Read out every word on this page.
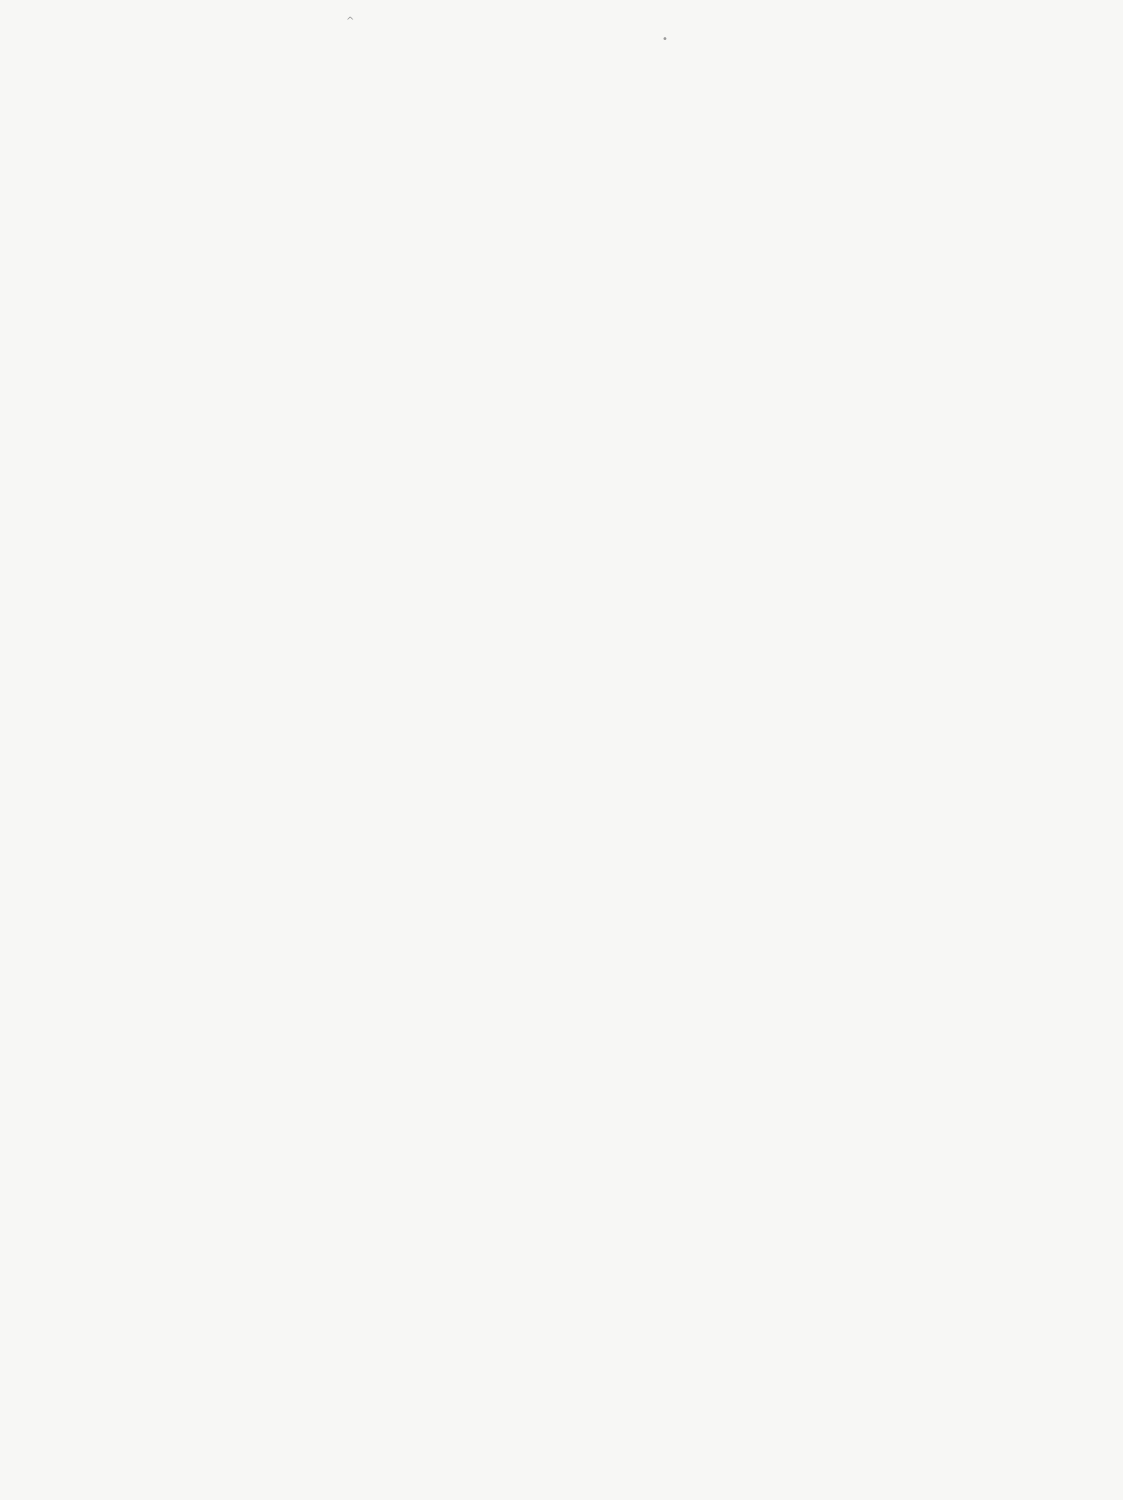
^
•
